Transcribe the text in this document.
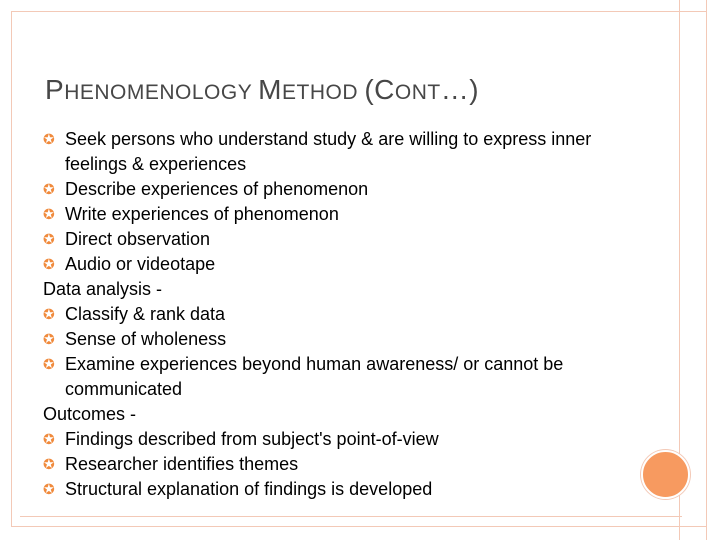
PHENOMENOLOGY METHOD (CONT…)
✪ Seek persons who understand study & are willing to express inner feelings & experiences
✪ Describe experiences of phenomenon
✪ Write experiences of phenomenon
✪ Direct observation
✪ Audio or videotape
Data analysis -
✪ Classify & rank data
✪ Sense of wholeness
✪ Examine experiences beyond human awareness/ or cannot be communicated
Outcomes -
✪ Findings described from subject's point-of-view
✪ Researcher identifies themes
✪ Structural explanation of findings is developed
